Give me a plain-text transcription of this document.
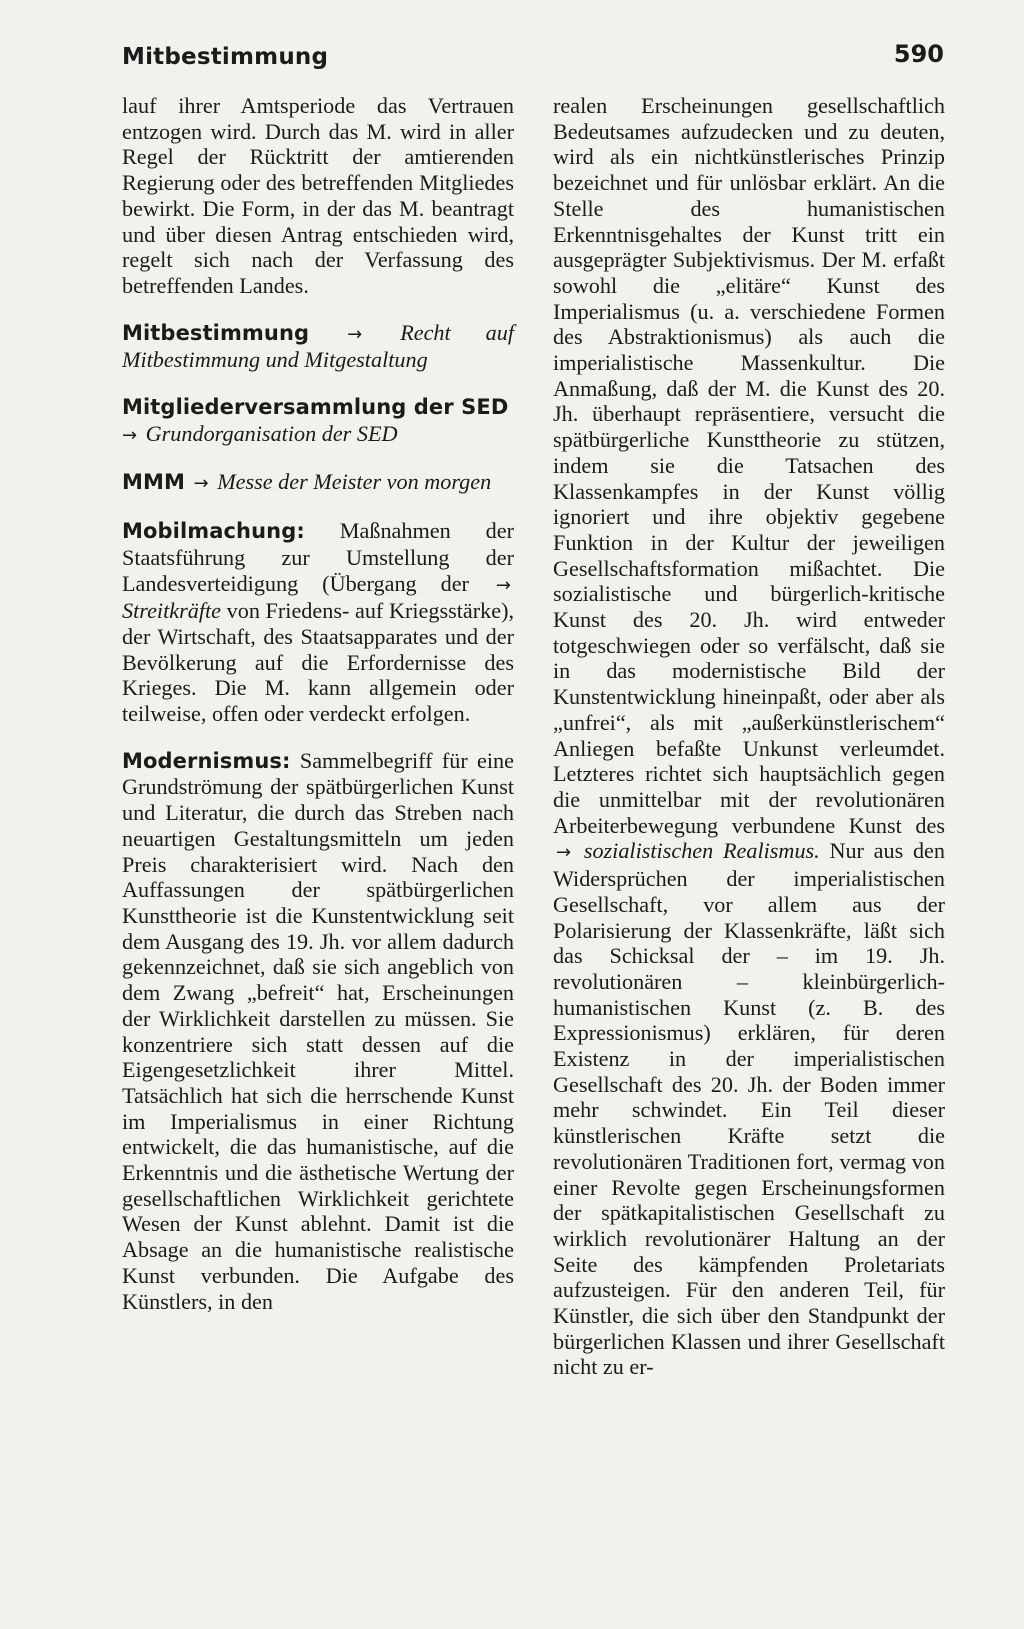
Mitbestimmung	590

lauf ihrer Amtsperiode das Vertrauen entzogen wird. Durch das M. wird in aller Regel der Rücktritt der amtierenden Regierung oder des betreffenden Mitgliedes bewirkt. Die Form, in der das M. beantragt und über diesen Antrag entschieden wird, regelt sich nach der Verfassung des betreffenden Landes.

Mitbestimmung → Recht auf Mitbestimmung und Mitgestaltung

Mitgliederversammlung der SED
→ Grundorganisation der SED

MMM → Messe der Meister von morgen

Mobilmachung: Maßnahmen der Staatsführung zur Umstellung der Landesverteidigung (Übergang der → Streitkräfte von Friedens- auf Kriegsstärke), der Wirtschaft, des Staatsapparates und der Bevölkerung auf die Erfordernisse des Krieges. Die M. kann allgemein oder teilweise, offen oder verdeckt erfolgen.

Modernismus: Sammelbegriff für eine Grundströmung der spätbürgerlichen Kunst und Literatur, die durch das Streben nach neuartigen Gestaltungsmitteln um jeden Preis charakterisiert wird. Nach den Auffassungen der spätbürgerlichen Kunsttheorie ist die Kunstentwicklung seit dem Ausgang des 19. Jh. vor allem dadurch gekennzeichnet, daß sie sich angeblich von dem Zwang „befreit“ hat, Erscheinungen der Wirklichkeit darstellen zu müssen. Sie konzentriere sich statt dessen auf die Eigengesetzlichkeit ihrer Mittel. Tatsächlich hat sich die herrschende Kunst im Imperialismus in einer Richtung entwickelt, die das humanistische, auf die Erkenntnis und die ästhetische Wertung der gesellschaftlichen Wirklichkeit gerichtete Wesen der Kunst ablehnt. Damit ist die Absage an die humanistische realistische Kunst verbunden. Die Aufgabe des Künstlers, in den

realen Erscheinungen gesellschaftlich Bedeutsames aufzudecken und zu deuten, wird als ein nichtkünstlerisches Prinzip bezeichnet und für unlösbar erklärt. An die Stelle des humanistischen Erkenntnisgehaltes der Kunst tritt ein ausgeprägter Subjektivismus. Der M. erfaßt sowohl die „elitäre“ Kunst des Imperialismus (u. a. verschiedene Formen des Abstraktionismus) als auch die imperialistische Massenkultur. Die Anmaßung, daß der M. die Kunst des 20. Jh. überhaupt repräsentiere, versucht die spätbürgerliche Kunsttheorie zu stützen, indem sie die Tatsachen des Klassenkampfes in der Kunst völlig ignoriert und ihre objektiv gegebene Funktion in der Kultur der jeweiligen Gesellschaftsformation mißachtet. Die sozialistische und bürgerlich-kritische Kunst des 20. Jh. wird entweder totgeschwiegen oder so verfälscht, daß sie in das modernistische Bild der Kunstentwicklung hineinpaßt, oder aber als „unfrei“, als mit „außerkünstlerischem“ Anliegen befaßte Unkunst verleumdet. Letzteres richtet sich hauptsächlich gegen die unmittelbar mit der revolutionären Arbeiterbewegung verbundene Kunst des → sozialistischen Realismus. Nur aus den Widersprüchen der imperialistischen Gesellschaft, vor allem aus der Polarisierung der Klassenkräfte, läßt sich das Schicksal der – im 19. Jh. revolutionären – kleinbürgerlich-humanistischen Kunst (z. B. des Expressionismus) erklären, für deren Existenz in der imperialistischen Gesellschaft des 20. Jh. der Boden immer mehr schwindet. Ein Teil dieser künstlerischen Kräfte setzt die revolutionären Traditionen fort, vermag von einer Revolte gegen Erscheinungsformen der spätkapitalistischen Gesellschaft zu wirklich revolutionärer Haltung an der Seite des kämpfenden Proletariats aufzusteigen. Für den anderen Teil, für Künstler, die sich über den Standpunkt der bürgerlichen Klassen und ihrer Gesellschaft nicht zu er-
